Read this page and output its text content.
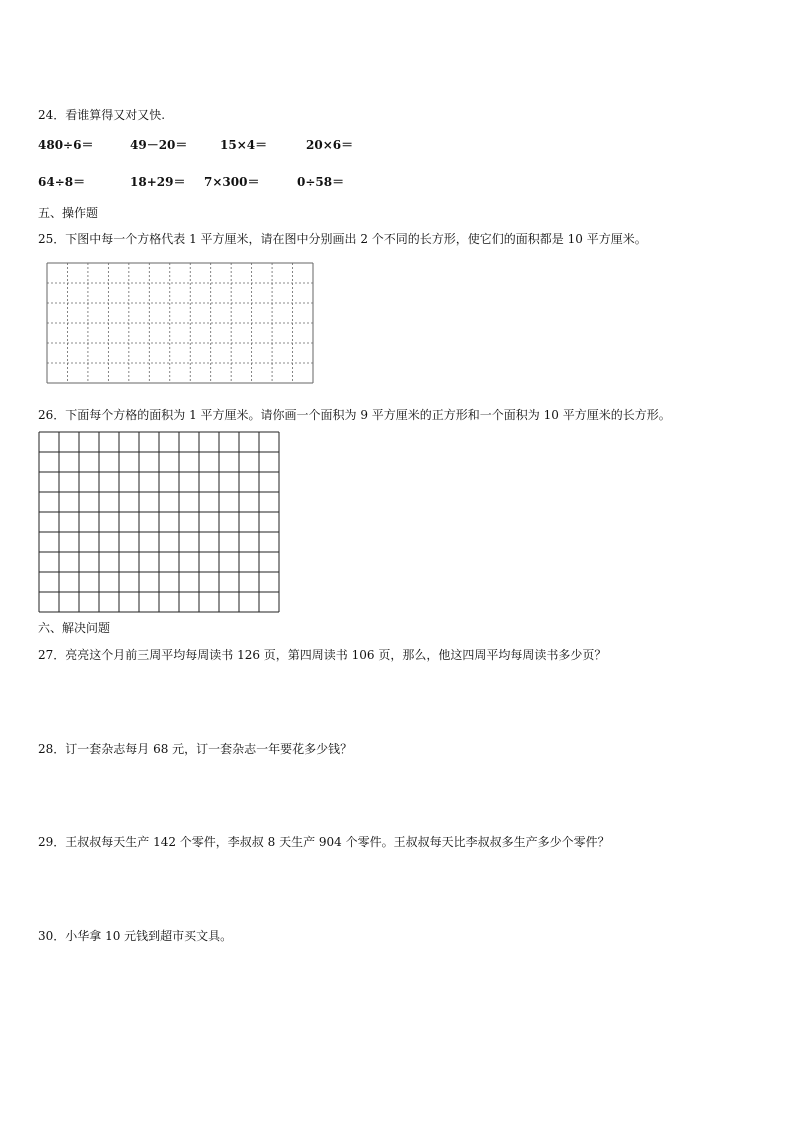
24．看谁算得又对又快.
480÷6＝	49－20＝	15×4＝	20×6＝
64÷8＝	18+29＝ 7×300＝	0÷58＝
五、操作题
25．下图中每一个方格代表 1 平方厘米，请在图中分别画出 2 个不同的长方形，使它们的面积都是 10 平方厘米。
26．下面每个方格的面积为 1 平方厘米。请你画一个面积为 9 平方厘米的正方形和一个面积为 10 平方厘米的长方形。
六、解决问题
27．亮亮这个月前三周平均每周读书 126 页，第四周读书 106 页，那么，他这四周平均每周读书多少页？
28．订一套杂志每月 68 元，订一套杂志一年要花多少钱？
29．王叔叔每天生产 142 个零件，李叔叔 8 天生产 904 个零件。王叔叔每天比李叔叔多生产多少个零件？
30．小华拿 10 元钱到超市买文具。
